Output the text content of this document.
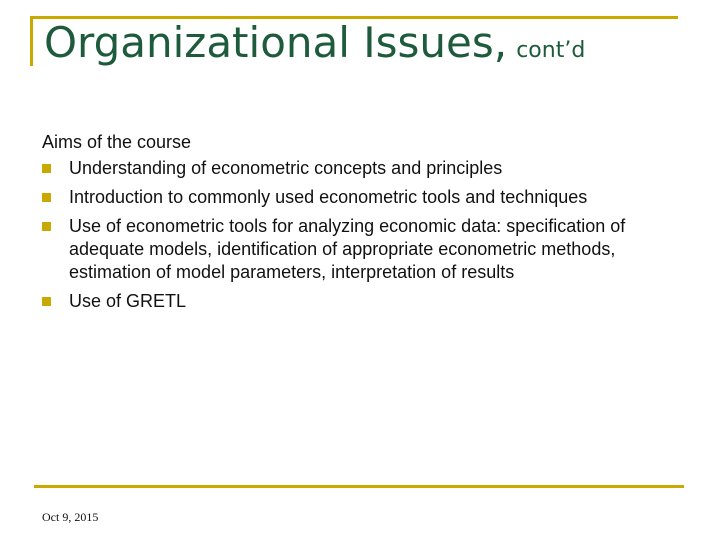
Organizational Issues, cont’d
Aims of the course
Understanding of econometric concepts and principles
Introduction to commonly used econometric tools and techniques
Use of econometric tools for analyzing economic data: specification of adequate models, identification of appropriate econometric methods, estimation of model parameters, interpretation of results
Use of GRETL
Oct 9, 2015
